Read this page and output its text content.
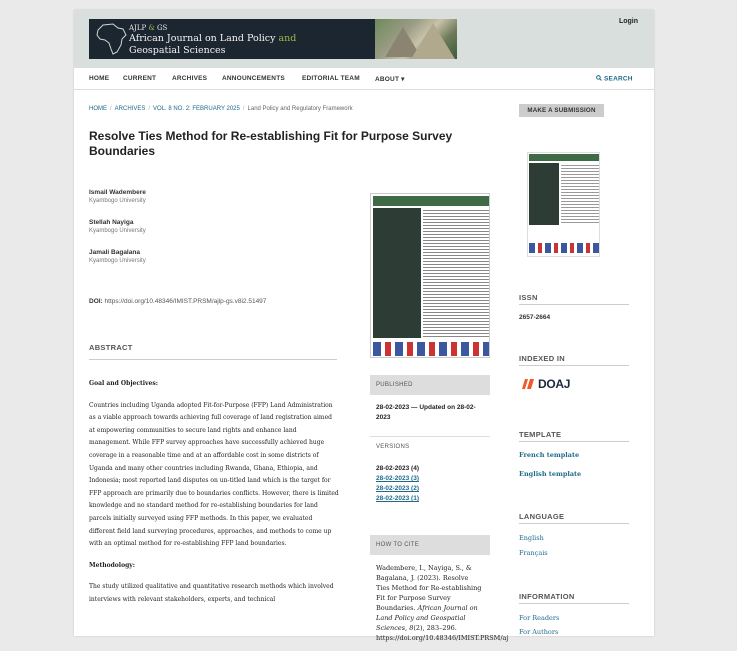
AJLP & GS
African Journal on Land Policy and
Geospatial Sciences
Login
HOME CURRENT ARCHIVES ANNOUNCEMENTS	EDITORIAL TEAM ABOUT ▾	SEARCH
HOME / ARCHIVES / VOL. 8 NO. 2: FEBRUARY 2025 / Land Policy and Regulatory Framework
Resolve Ties Method for Re-establishing Fit for Purpose Survey Boundaries
Ismail Wadembere
Kyambogo University
Stellah Nayiga
Kyambogo University
Jamali Bagalana
Kyambogo University
DOI: https://doi.org/10.48346/IMIST.PRSM/ajlp-gs.v8i2.51497
ABSTRACT

Goal and Objectives:

Countries including Uganda adopted Fit-for-Purpose (FFP) Land Administration as a viable approach towards achieving full coverage of land registration aimed at empowering communities to secure land rights and enhance land management. While FFP survey approaches have successfully achieved huge coverage in a reasonable time and at an affordable cost in some districts of Uganda and many other countries including Rwanda, Ghana, Ethiopia, and Indonesia; most reported land disputes on un-titled land which is the target for FFP approach are primarily due to boundaries conflicts. However, there is limited knowledge and no standard method for re-establishing boundaries for land parcels initially surveyed using FFP methods. In this paper, we evaluated different field land surveying procedures, approaches, and methods to come up with an optimal method for re-establishing FFP land boundaries.

Methodology:

The study utilized qualitative and quantitative research methods which involved interviews with relevant stakeholders, experts, and technical

PUBLISHED
28-02-2023 — Updated on 28-02-2023
VERSIONS
28-02-2023 (4)
28-02-2023 (3)
28-02-2023 (2)
28-02-2023 (1)
HOW TO CITE
Wadembere, I., Nayiga, S., & Bagalana, J. (2023). Resolve Ties Method for Re-establishing Fit for Purpose Survey Boundaries. African Journal on Land Policy and Geospatial Sciences, 8(2), 283–296. https://doi.org/10.48346/IMIST.PRSM/aj
MAKE A SUBMISSION
ISSN
2657-2664
INDEXED IN
DOAJ
TEMPLATE
French template
English template
LANGUAGE
English
Français
INFORMATION
For Readers
For Authors
